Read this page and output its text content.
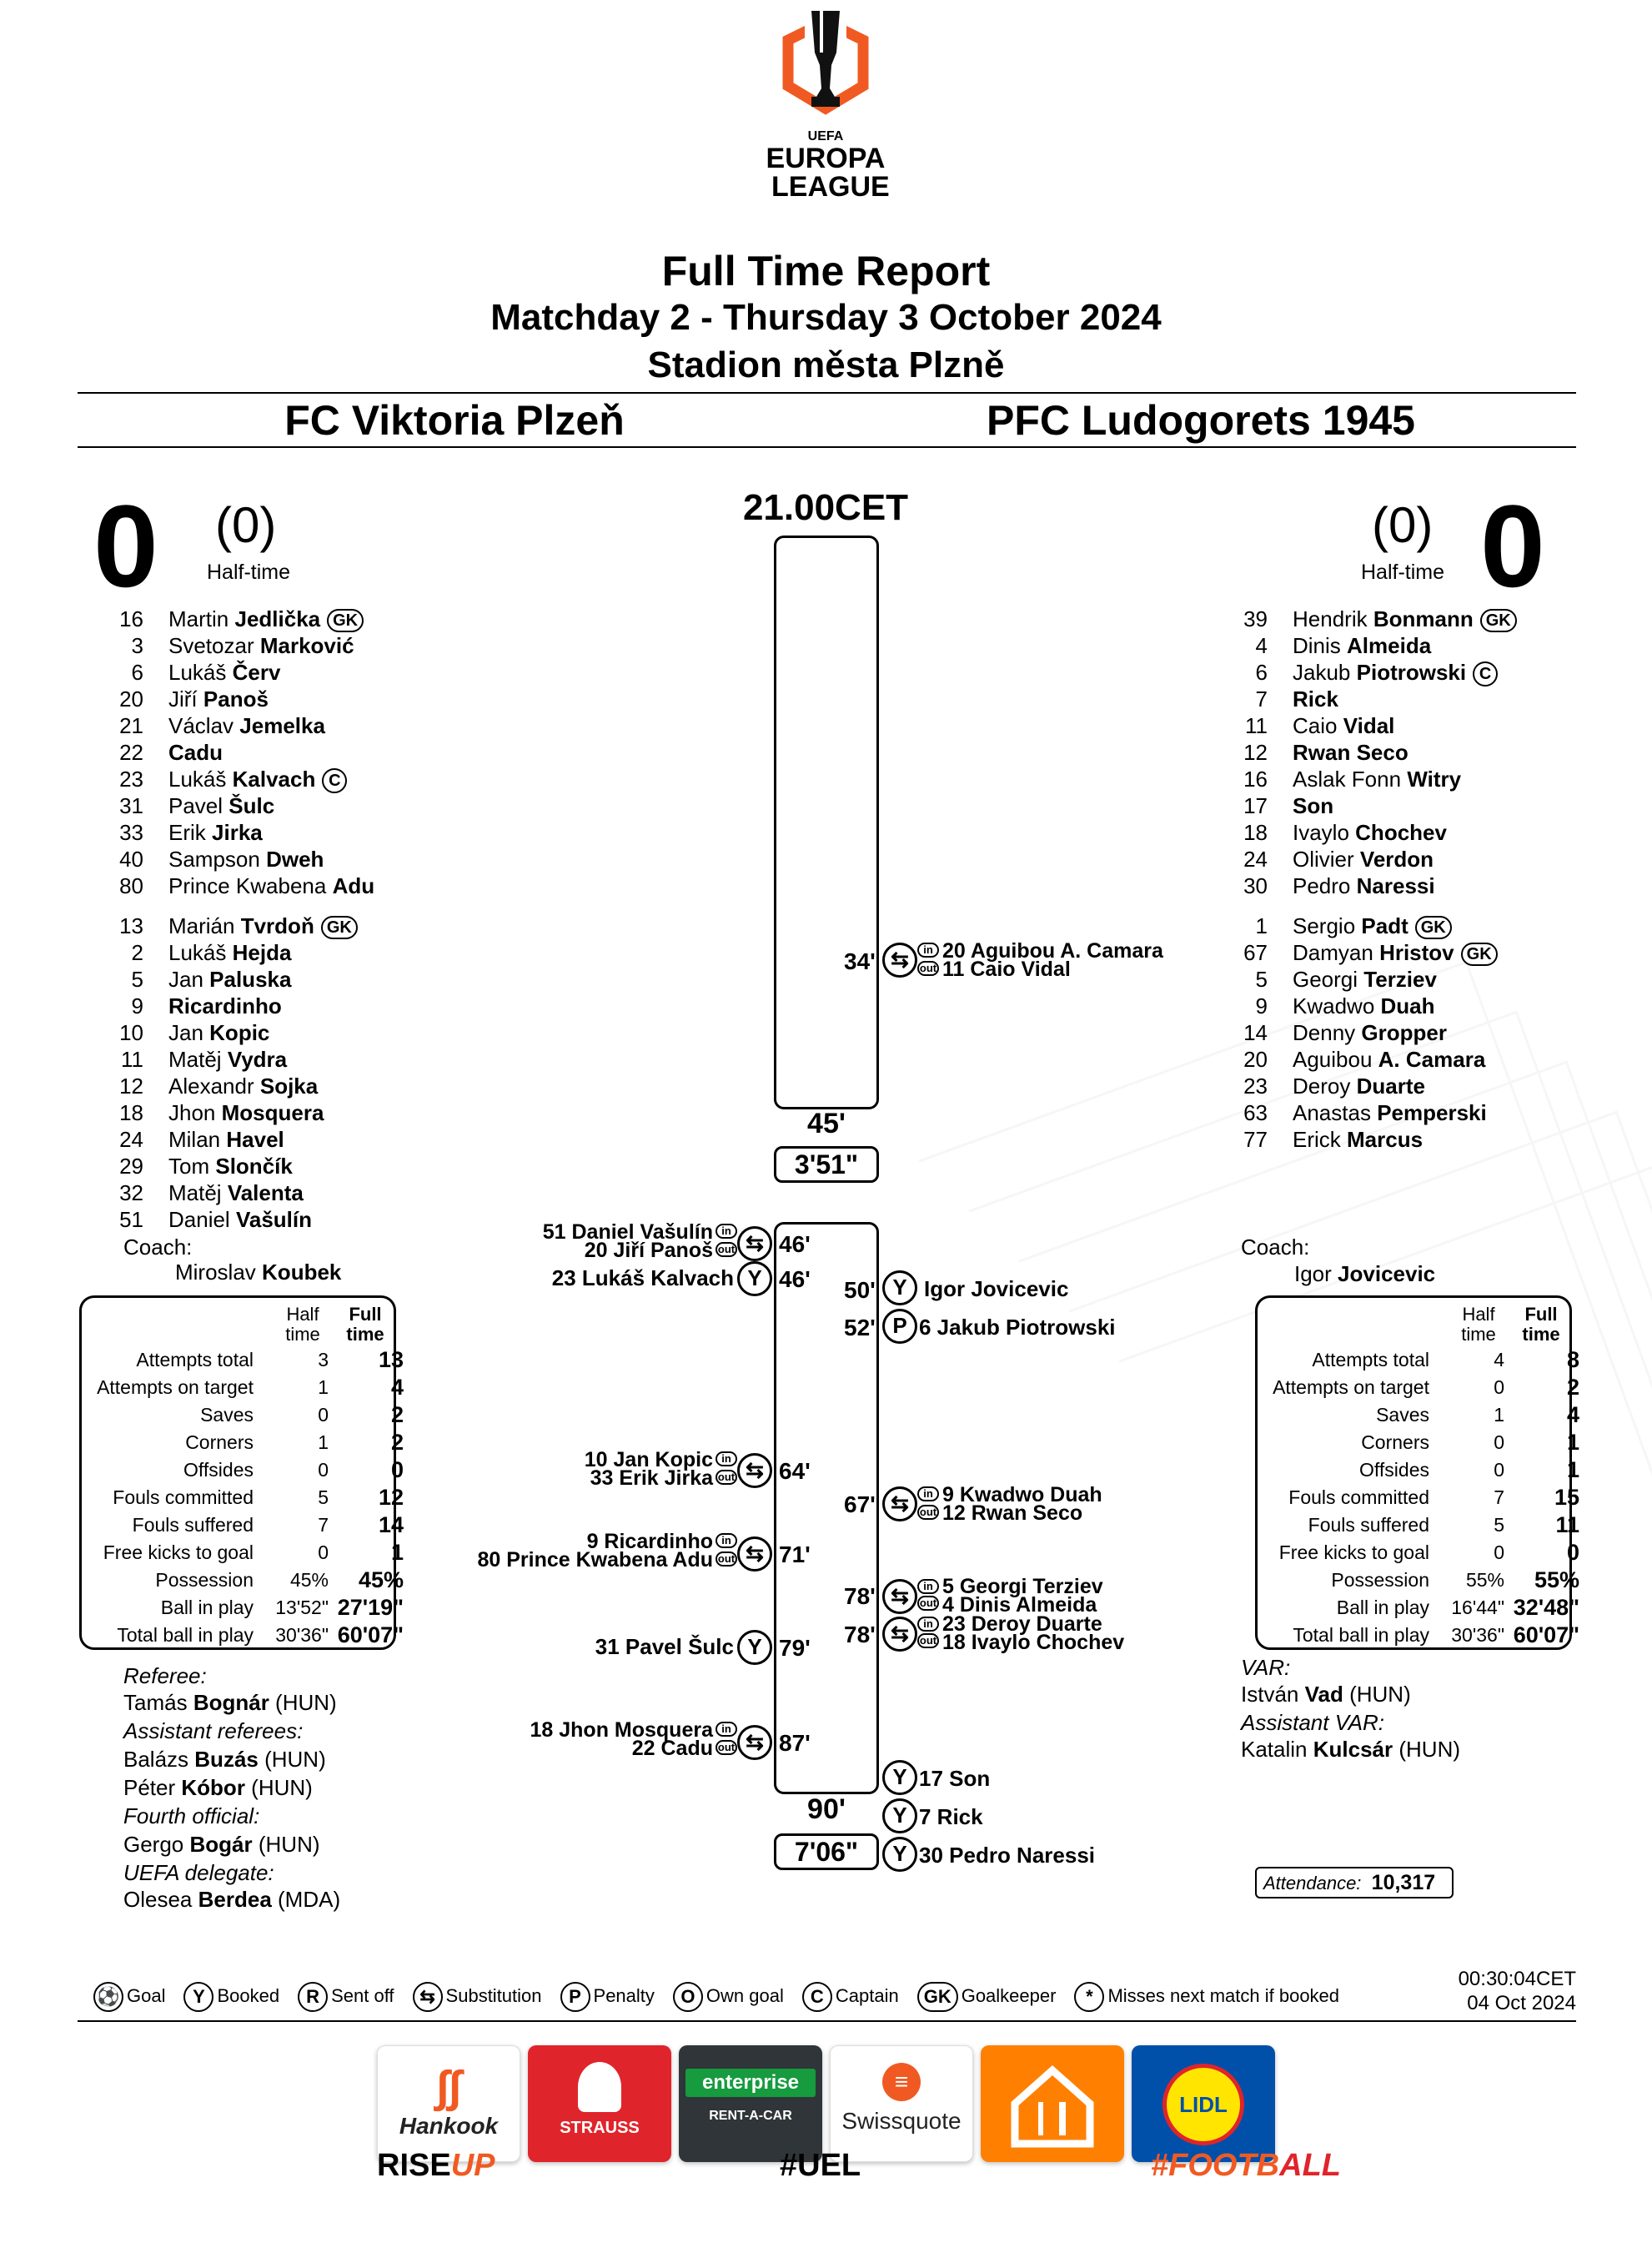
UEFA
EUROPA
LEAGUE
Full Time Report
Matchday 2 - Thursday 3 October 2024
Stadion města Plzně
FC Viktoria Plzeň	PFC Ludogorets 1945
0 (0)
Half-time	0
(0)
Half-time
16 Martin Jedlička GK
3 Svetozar Marković
6 Lukáš Červ
20 Jiří Panoš
21 Václav Jemelka
22 Cadu
23 Lukáš Kalvach C
31 Pavel Šulc
33 Erik Jirka
40 Sampson Dweh
80 Prince Kwabena Adu
13 Marián Tvrdoň GK
2 Lukáš Hejda
5 Jan Paluska
9 Ricardinho
10 Jan Kopic
11 Matěj Vydra
12 Alexandr Sojka
18 Jhon Mosquera
24 Milan Havel
29 Tom Slončík
32 Matěj Valenta
51 Daniel Vašulín
Coach:
Miroslav Koubek
39 Hendrik Bonmann GK
4 Dinis Almeida
6 Jakub Piotrowski C
7 Rick
11 Caio Vidal
12 Rwan Seco
16 Aslak Fonn Witry
17 Son
18 Ivaylo Chochev
24 Olivier Verdon
30 Pedro Naressi
1 Sergio Padt GK
67 Damyan Hristov GK
5 Georgi Terziev
9 Kwadwo Duah
14 Denny Gropper
20 Aguibou A. Camara
23 Deroy Duarte
63 Anastas Pemperski
77 Erick Marcus
Coach:
Igor Jovicevic
Half
time
Full
time
Attempts total	3	13
Attempts on target	1	4
Saves	0	2
Corners	1	2
Offsides	0	0
Fouls committed	5	12
Fouls suffered	7	14
Free kicks to goal	0	1
Possession	45%	45%
Ball in play	13'52" 27'19"
Total ball in play	30'36" 60'07"
Half
time
Full
time
Attempts total	4	8
Attempts on target	0	2
Saves	1	4
Corners	0	1
Offsides	0	1
Fouls committed	7	15
Fouls suffered	5	11
Free kicks to goal	0	0
Possession	55%	55%
Ball in play	16'44" 32'48"
Total ball in play	30'36" 60'07"
21.00CET
45'
3'51"
90'
7'06"
34' ⇆	in
out
20 Aguibou A. Camara
11 Caio Vidal
51 Daniel Vašulín
20 Jiří Panoš
in
out ⇆ 46'
23 Lukáš Kalvach Y 46' 50' Y Igor Jovicevic
52' P 6 Jakub Piotrowski
10 Jan Kopic
33 Erik Jirka
in
out ⇆ 64'
67' ⇆	in
out
9 Kwadwo Duah
12 Rwan Seco
9 Ricardinho
80 Prince Kwabena Adu
in
out ⇆ 71'
78' ⇆	in
out
5 Georgi Terziev
4 Dinis Almeida
78' ⇆	in
out
23 Deroy Duarte
18 Ivaylo Chochev
31 Pavel Šulc Y 79'
18 Jhon Mosquera
22 Cadu
in
out ⇆ 87'
Y 17 Son
Y 7 Rick
Y 30 Pedro Naressi
Referee:
Tamás Bognár (HUN)
Assistant referees:
Balázs Buzás (HUN)
Péter Kóbor (HUN)
Fourth official:
Gergo Bogár (HUN)
UEFA delegate:
Olesea Berdea (MDA)
VAR:
István Vad (HUN)
Assistant VAR:
Katalin Kulcsár (HUN)
Attendance: 10,317
00:30:04CET
04 Oct 2024
⚽ Goal Y Booked R Sent off ⇆ Substitution P Penalty O Own goal C Captain GK Goalkeeper * Misses next match if booked
∫∫
Hankook	STRAUSS
enterprise
RENT-A-CAR
≡
Swissquote
LIDL
RISEUP	#UEL	#FOOTBALL
